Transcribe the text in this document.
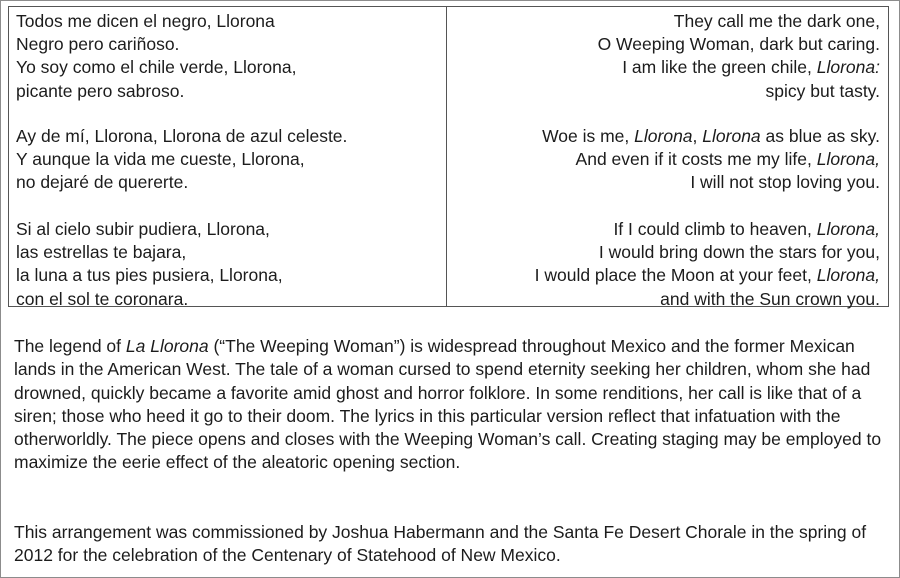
Todos me dicen el negro, Llorona
Negro pero cariñoso.
Yo soy como el chile verde, Llorona,
picante pero sabroso.
Ay de mí, Llorona, Llorona de azul celeste.
Y aunque la vida me cueste, Llorona,
no dejaré de quererte.
Si al cielo subir pudiera, Llorona,
las estrellas te bajara,
la luna a tus pies pusiera, Llorona,
con el sol te coronara.
They call me the dark one,
O Weeping Woman, dark but caring.
I am like the green chile, Llorona:
spicy but tasty.
Woe is me, Llorona, Llorona as blue as sky.
And even if it costs me my life, Llorona,
I will not stop loving you.
If I could climb to heaven, Llorona,
I would bring down the stars for you,
I would place the Moon at your feet, Llorona,
and with the Sun crown you.

The legend of La Llorona (“The Weeping Woman”) is widespread throughout Mexico and the former Mexican lands in the American West. The tale of a woman cursed to spend eternity seeking her children, whom she had drowned, quickly became a favorite amid ghost and horror folklore. In some renditions, her call is like that of a siren; those who heed it go to their doom. The lyrics in this particular version reflect that infatuation with the otherworldly. The piece opens and closes with the Weeping Woman’s call. Creating staging may be employed to maximize the eerie effect of the aleatoric opening section.

This arrangement was commissioned by Joshua Habermann and the Santa Fe Desert Chorale in the spring of 2012 for the celebration of the Centenary of Statehood of New Mexico.
